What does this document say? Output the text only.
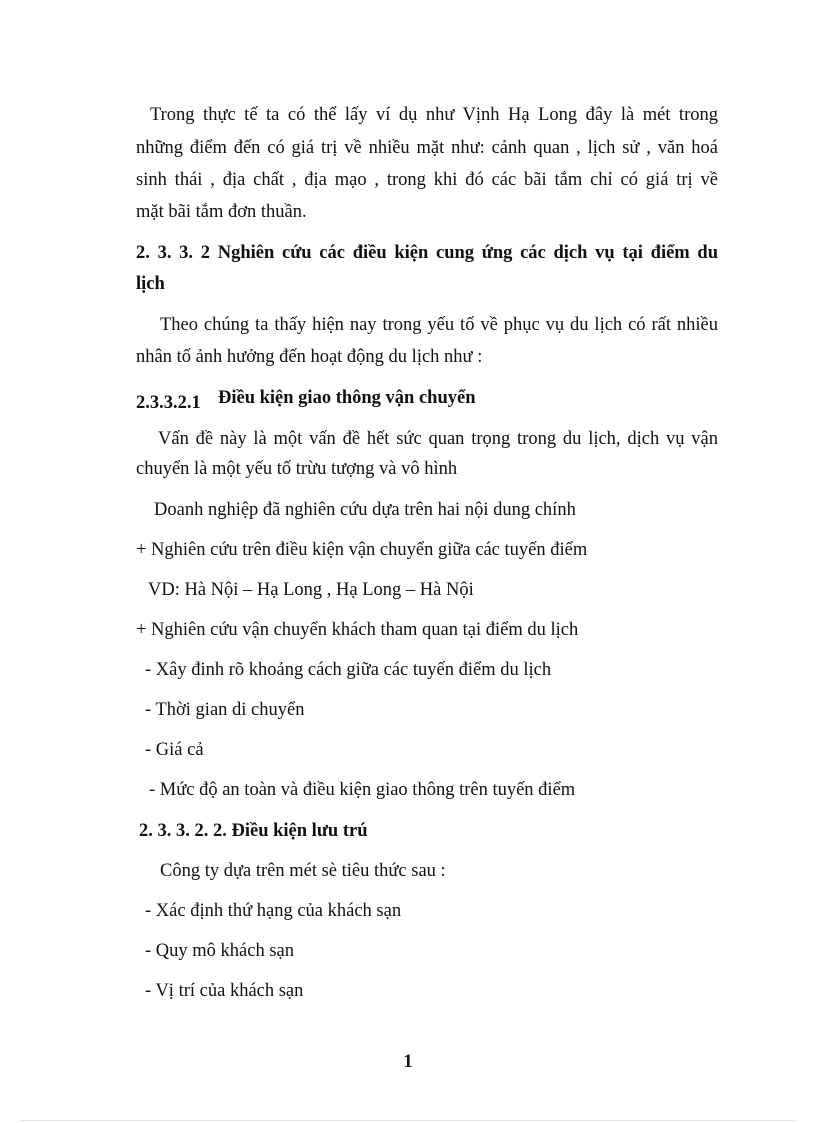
Trong thực tế ta có thể lấy ví dụ như Vịnh Hạ Long đây là mét trong
những điểm đến có giá trị về nhiều mặt như: cảnh quan , lịch sử , văn hoá
sinh thái , địa chất , địa mạo , trong khi đó các bãi tắm chỉ có giá trị về
mặt bãi tắm đơn thuần.
2. 3. 3. 2 Nghiên cứu các điều kiện cung ứng các dịch vụ tại điểm du
lịch
Theo chúng ta thấy hiện nay trong yếu tố về phục vụ du lịch có rất nhiều
nhân tố ảnh hưởng đến hoạt động du lịch như :
2.3.3.2.1 Điều kiện giao thông vận chuyển
Vấn đề này là một vấn đề hết sức quan trọng trong du lịch, dịch vụ vận
chuyển là một yếu tố trừu tượng và vô hình
Doanh nghiệp đã nghiên cứu dựa trên hai nội dung chính
+ Nghiên cứu trên điều kiện vận chuyển giữa các tuyến điểm
VD: Hà Nội – Hạ Long , Hạ Long – Hà Nội
+ Nghiên cứu vận chuyển khách tham quan tại điểm du lịch
- Xây đinh rõ khoảng cách giữa các tuyến điểm du lịch
- Thời gian di chuyển
- Giá cả
- Mức độ an toàn và điều kiện giao thông trên tuyến điểm
2. 3. 3. 2. 2. Điều kiện lưu trú
Công ty dựa trên mét sè tiêu thức sau :
- Xác định thứ hạng của khách sạn
- Quy mô khách sạn
- Vị trí của khách sạn
1
